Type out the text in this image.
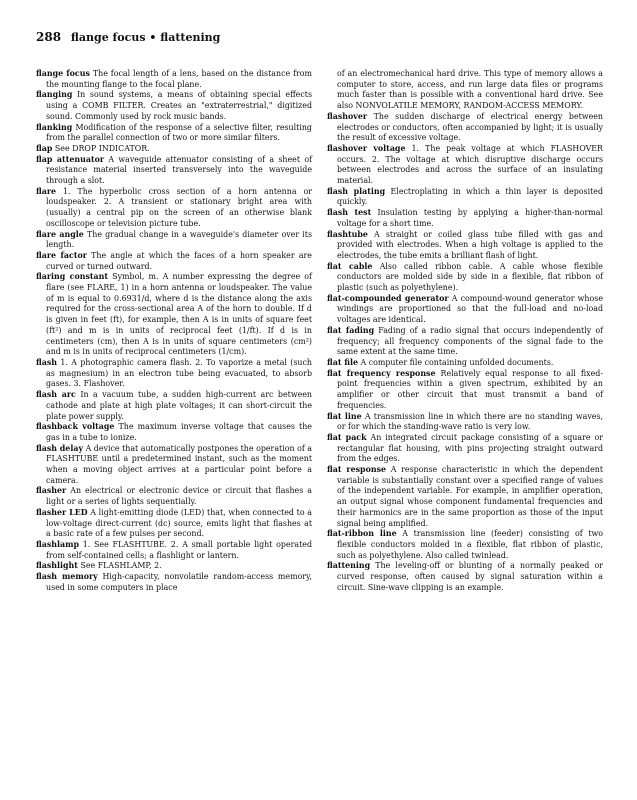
288 flange focus • flattening

flange focus The focal length of a lens, based on the distance from the mounting flange to the focal plane.

flanging In sound systems, a means of obtaining special effects using a COMB FILTER. Creates an "extraterrestrial," digitized sound. Commonly used by rock music bands.

flanking Modification of the response of a selective filter, resulting from the parallel connection of two or more similar filters.

flap See DROP INDICATOR.

flap attenuator A waveguide attenuator consisting of a sheet of resistance material inserted transversely into the waveguide through a slot.

flare 1. The hyperbolic cross section of a horn antenna or loudspeaker. 2. A transient or stationary bright area with (usually) a central pip on the screen of an otherwise blank oscilloscope or television picture tube.

flare angle The gradual change in a waveguide's diameter over its length.

flare factor The angle at which the faces of a horn speaker are curved or turned outward.

flaring constant Symbol, m. A number expressing the degree of flare (see FLARE, 1) in a horn antenna or loudspeaker. The value of m is equal to 0.6931/d, where d is the distance along the axis required for the cross-sectional area A of the horn to double. If d is given in feet (ft), for example, then A is in units of square feet (ft²) and m is in units of reciprocal feet (1/ft). If d is in centimeters (cm), then A is in units of square centimeters (cm²) and m is in units of reciprocal centimeters (1/cm).

flash 1. A photographic camera flash. 2. To vaporize a metal (such as magnesium) in an electron tube being evacuated, to absorb gases. 3. Flashover.

flash arc In a vacuum tube, a sudden high-current arc between cathode and plate at high plate voltages; it can short-circuit the plate power supply.

flashback voltage The maximum inverse voltage that causes the gas in a tube to ionize.

flash delay A device that automatically postpones the operation of a FLASHTUBE until a predetermined instant, such as the moment when a moving object arrives at a particular point before a camera.

flasher An electrical or electronic device or circuit that flashes a light or a series of lights sequentially.

flasher LED A light-emitting diode (LED) that, when connected to a low-voltage direct-current (dc) source, emits light that flashes at a basic rate of a few pulses per second.

flashlamp 1. See FLASHTUBE. 2. A small portable light operated from self-contained cells; a flashlight or lantern.

flashlight See FLASHLAMP, 2.

flash memory High-capacity, nonvolatile random-access memory, used in some computers in place

of an electromechanical hard drive. This type of memory allows a computer to store, access, and run large data files or programs much faster than is possible with a conventional hard drive. See also NONVOLATILE MEMORY, RANDOM-ACCESS MEMORY.

flashover The sudden discharge of electrical energy between electrodes or conductors, often accompanied by light; it is usually the result of excessive voltage.

flashover voltage 1. The peak voltage at which FLASHOVER occurs. 2. The voltage at which disruptive discharge occurs between electrodes and across the surface of an insulating material.

flash plating Electroplating in which a thin layer is deposited quickly.

flash test Insulation testing by applying a higher-than-normal voltage for a short time.

flashtube A straight or coiled glass tube filled with gas and provided with electrodes. When a high voltage is applied to the electrodes, the tube emits a brilliant flash of light.

flat cable Also called ribbon cable. A cable whose flexible conductors are molded side by side in a flexible, flat ribbon of plastic (such as polyethylene).

flat-compounded generator A compound-wound generator whose windings are proportioned so that the full-load and no-load voltages are identical.

flat fading Fading of a radio signal that occurs independently of frequency; all frequency components of the signal fade to the same extent at the same time.

flat file A computer file containing unfolded documents.

flat frequency response Relatively equal response to all fixed-point frequencies within a given spectrum, exhibited by an amplifier or other circuit that must transmit a band of frequencies.

flat line A transmission line in which there are no standing waves, or for which the standing-wave ratio is very low.

flat pack An integrated circuit package consisting of a square or rectangular flat housing, with pins projecting straight outward from the edges.

flat response A response characteristic in which the dependent variable is substantially constant over a specified range of values of the independent variable. For example, in amplifier operation, an output signal whose component fundamental frequencies and their harmonics are in the same proportion as those of the input signal being amplified.

flat-ribbon line A transmission line (feeder) consisting of two flexible conductors molded in a flexible, flat ribbon of plastic, such as polyethylene. Also called twinlead.

flattening The leveling-off or blunting of a normally peaked or curved response, often caused by signal saturation within a circuit. Sine-wave clipping is an example.
